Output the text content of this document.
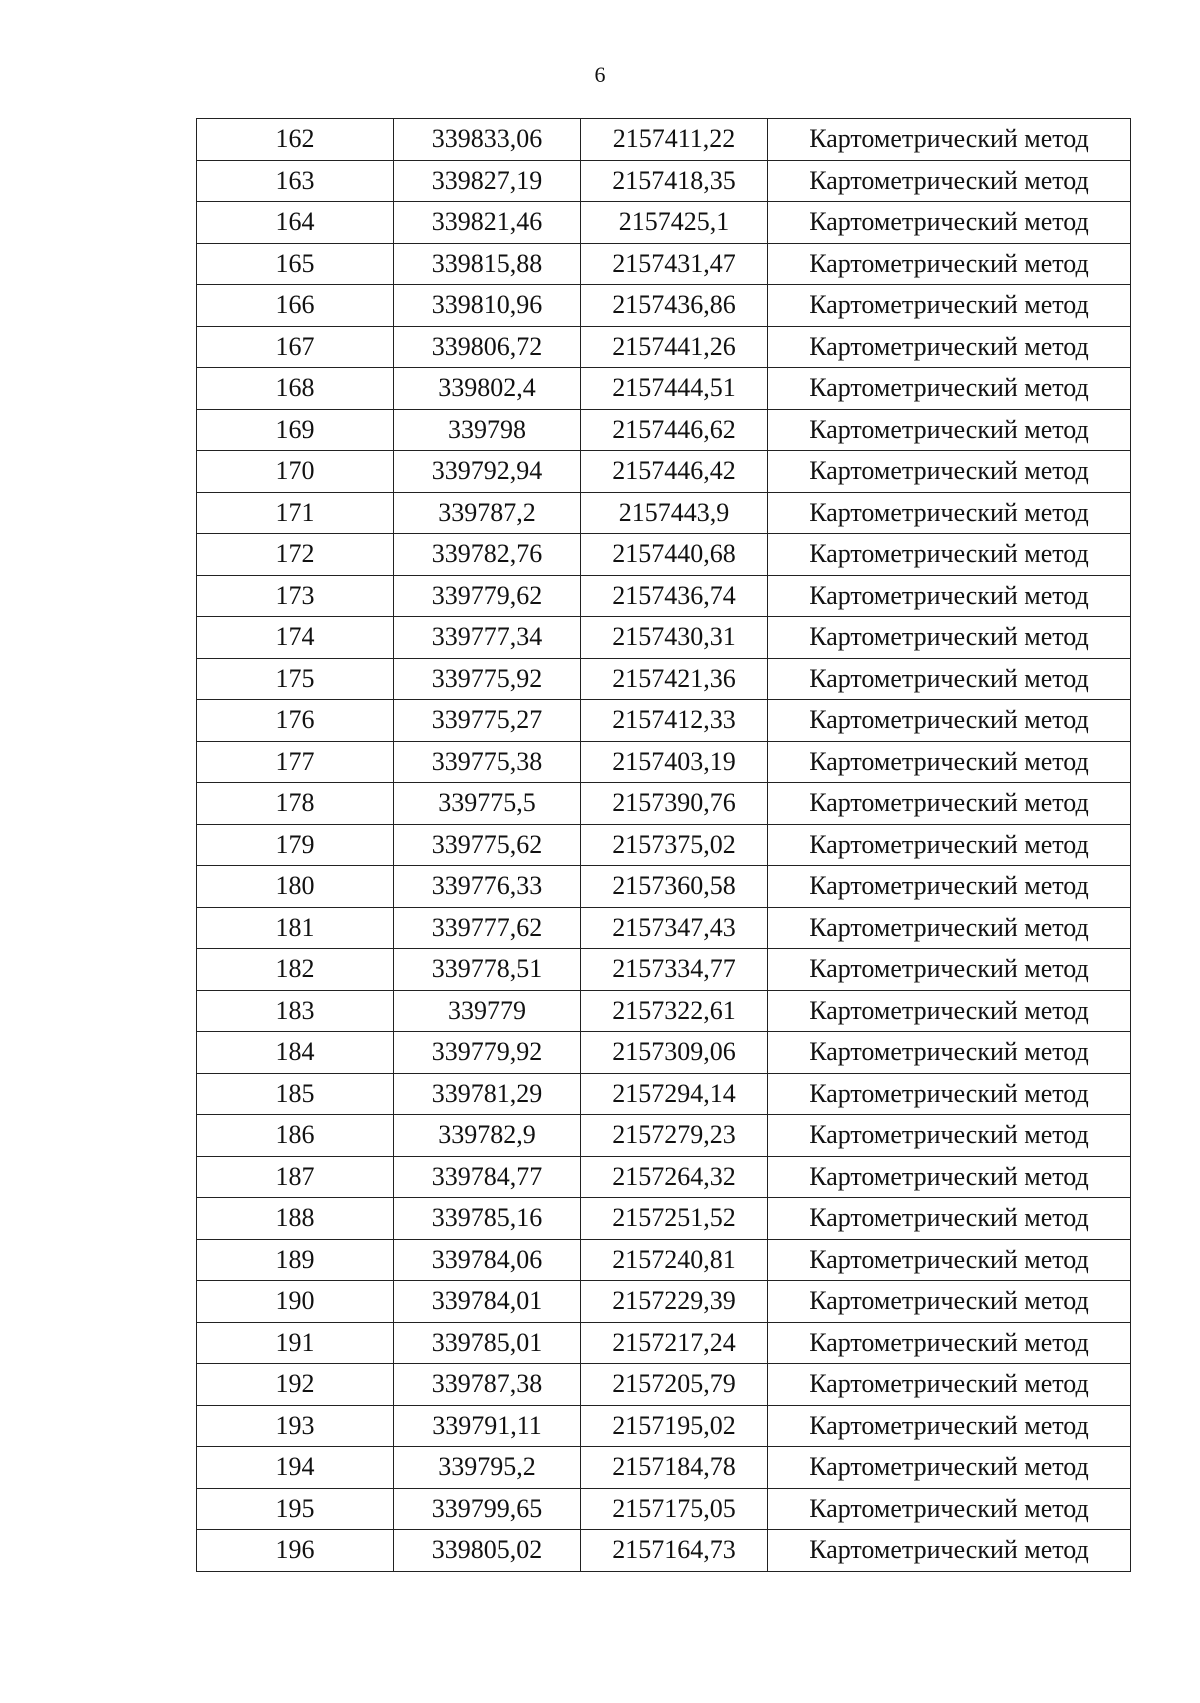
6
162	339833,06	2157411,22	Картометрический метод
163	339827,19	2157418,35	Картометрический метод
164	339821,46	2157425,1	Картометрический метод
165	339815,88	2157431,47	Картометрический метод
166	339810,96	2157436,86	Картометрический метод
167	339806,72	2157441,26	Картометрический метод
168	339802,4	2157444,51	Картометрический метод
169	339798	2157446,62	Картометрический метод
170	339792,94	2157446,42	Картометрический метод
171	339787,2	2157443,9	Картометрический метод
172	339782,76	2157440,68	Картометрический метод
173	339779,62	2157436,74	Картометрический метод
174	339777,34	2157430,31	Картометрический метод
175	339775,92	2157421,36	Картометрический метод
176	339775,27	2157412,33	Картометрический метод
177	339775,38	2157403,19	Картометрический метод
178	339775,5	2157390,76	Картометрический метод
179	339775,62	2157375,02	Картометрический метод
180	339776,33	2157360,58	Картометрический метод
181	339777,62	2157347,43	Картометрический метод
182	339778,51	2157334,77	Картометрический метод
183	339779	2157322,61	Картометрический метод
184	339779,92	2157309,06	Картометрический метод
185	339781,29	2157294,14	Картометрический метод
186	339782,9	2157279,23	Картометрический метод
187	339784,77	2157264,32	Картометрический метод
188	339785,16	2157251,52	Картометрический метод
189	339784,06	2157240,81	Картометрический метод
190	339784,01	2157229,39	Картометрический метод
191	339785,01	2157217,24	Картометрический метод
192	339787,38	2157205,79	Картометрический метод
193	339791,11	2157195,02	Картометрический метод
194	339795,2	2157184,78	Картометрический метод
195	339799,65	2157175,05	Картометрический метод
196	339805,02	2157164,73	Картометрический метод
